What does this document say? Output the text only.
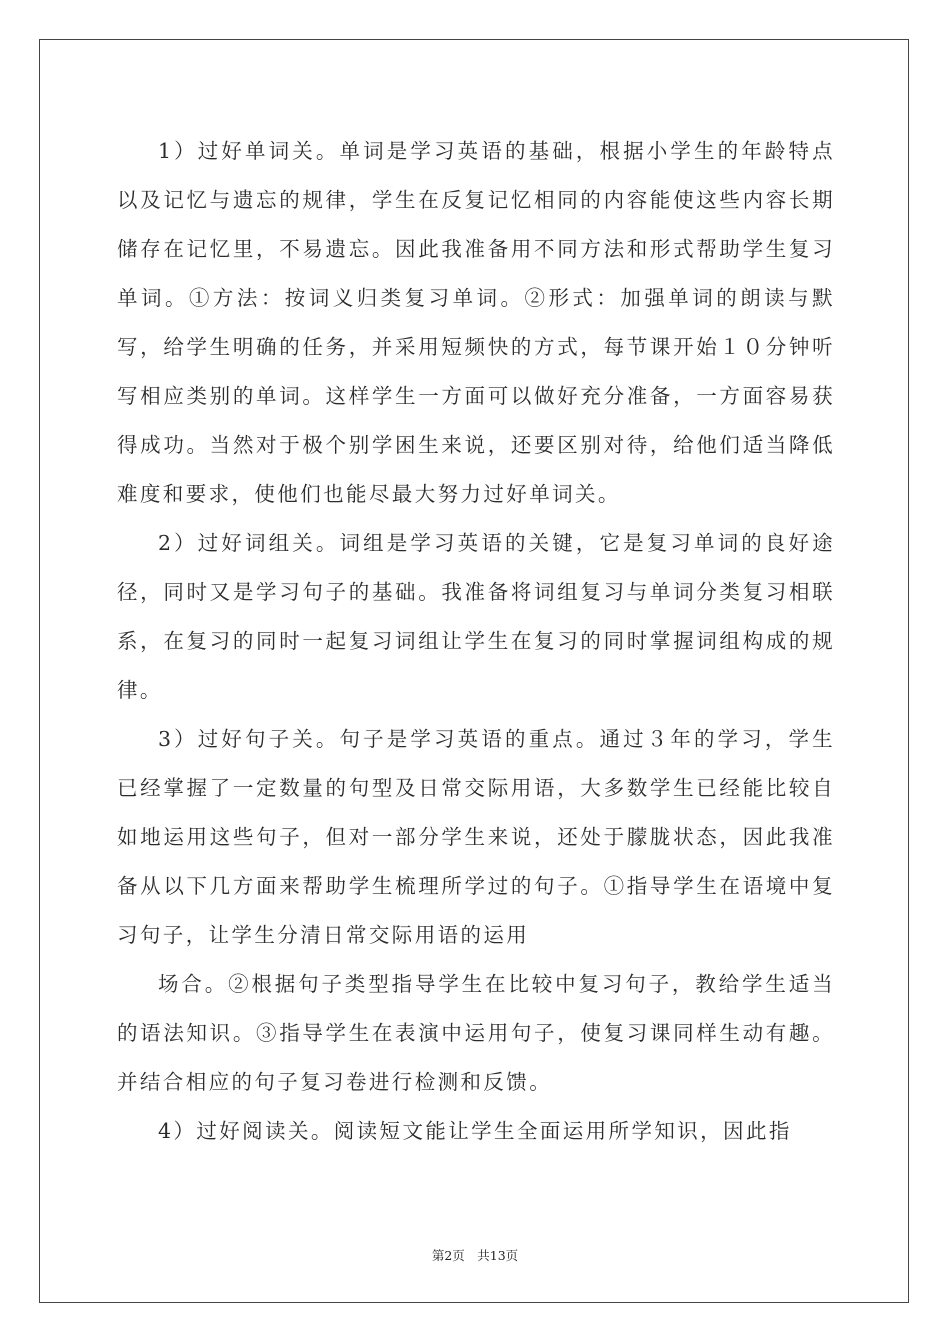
1）过好单词关。单词是学习英语的基础，根据小学生的年龄特点以及记忆与遗忘的规律，学生在反复记忆相同的内容能使这些内容长期储存在记忆里，不易遗忘。因此我准备用不同方法和形式帮助学生复习单词。①方法：按词义归类复习单词。②形式：加强单词的朗读与默写，给学生明确的任务，并采用短频快的方式，每节课开始１０分钟听写相应类别的单词。这样学生一方面可以做好充分准备，一方面容易获得成功。当然对于极个别学困生来说，还要区别对待，给他们适当降低难度和要求，使他们也能尽最大努力过好单词关。

2）过好词组关。词组是学习英语的关键，它是复习单词的良好途径，同时又是学习句子的基础。我准备将词组复习与单词分类复习相联系，在复习的同时一起复习词组让学生在复习的同时掌握词组构成的规律。

3）过好句子关。句子是学习英语的重点。通过３年的学习，学生已经掌握了一定数量的句型及日常交际用语，大多数学生已经能比较自如地运用这些句子，但对一部分学生来说，还处于朦胧状态，因此我准备从以下几方面来帮助学生梳理所学过的句子。①指导学生在语境中复习句子，让学生分清日常交际用语的运用

场合。②根据句子类型指导学生在比较中复习句子，教给学生适当的语法知识。③指导学生在表演中运用句子，使复习课同样生动有趣。并结合相应的句子复习卷进行检测和反馈。

4）过好阅读关。阅读短文能让学生全面运用所学知识，因此指

第2页　共13页
